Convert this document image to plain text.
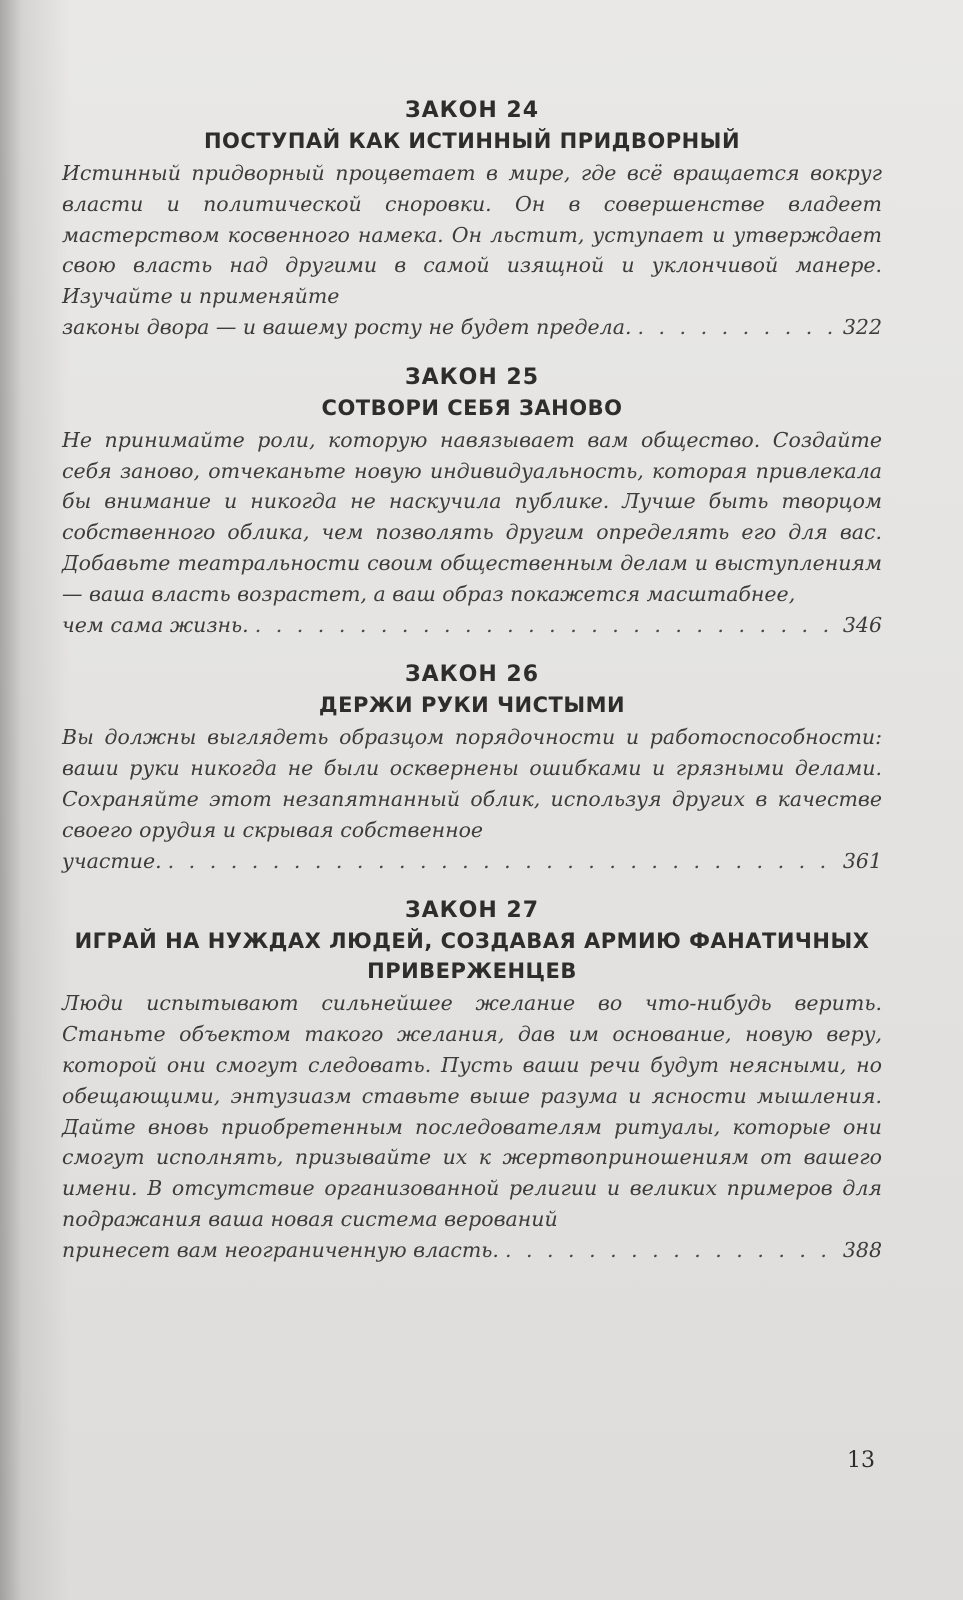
ЗАКОН 24
ПОСТУПАЙ КАК ИСТИННЫЙ ПРИДВОРНЫЙ
Истинный придворный процветает в мире, где всё вращается вокруг власти и политической сноровки. Он в совершенстве владеет мастерством косвенного намека. Он льстит, уступает и утверждает свою власть над другими в самой изящной и уклончивой манере. Изучайте и применяйте
законы двора — и вашему росту не будет предела. . . .	322
ЗАКОН 25
СОТВОРИ СЕБЯ ЗАНОВО
Не принимайте роли, которую навязывает вам общество. Создайте себя заново, отчеканьте новую индивидуальность, которая привлекала бы внимание и никогда не наскучила публике. Лучше быть творцом собственного облика, чем позволять другим определять его для вас. Добавьте театральности своим общественным делам и выступлениям — ваша власть возрастет, а ваш образ покажется масштабнее,
чем сама жизнь. . . .	346
ЗАКОН 26
ДЕРЖИ РУКИ ЧИСТЫМИ
Вы должны выглядеть образцом порядочности и работоспособности: ваши руки никогда не были осквернены ошибками и грязными делами. Сохраняйте этот незапятнанный облик, используя других в качестве своего орудия и скрывая собственное
участие. . . .	361
ЗАКОН 27
ИГРАЙ НА НУЖДАХ ЛЮДЕЙ, СОЗДАВАЯ АРМИЮ ФАНАТИЧНЫХ ПРИВЕРЖЕНЦЕВ
Люди испытывают сильнейшее желание во что-нибудь верить. Станьте объектом такого желания, дав им основание, новую веру, которой они смогут следовать. Пусть ваши речи будут неясными, но обещающими, энтузиазм ставьте выше разума и ясности мышления. Дайте вновь приобретенным последователям ритуалы, которые они смогут исполнять, призывайте их к жертвоприношениям от вашего имени. В отсутствие организованной религии и великих примеров для подражания ваша новая система верований
принесет вам неограниченную власть. . . .	388
13
